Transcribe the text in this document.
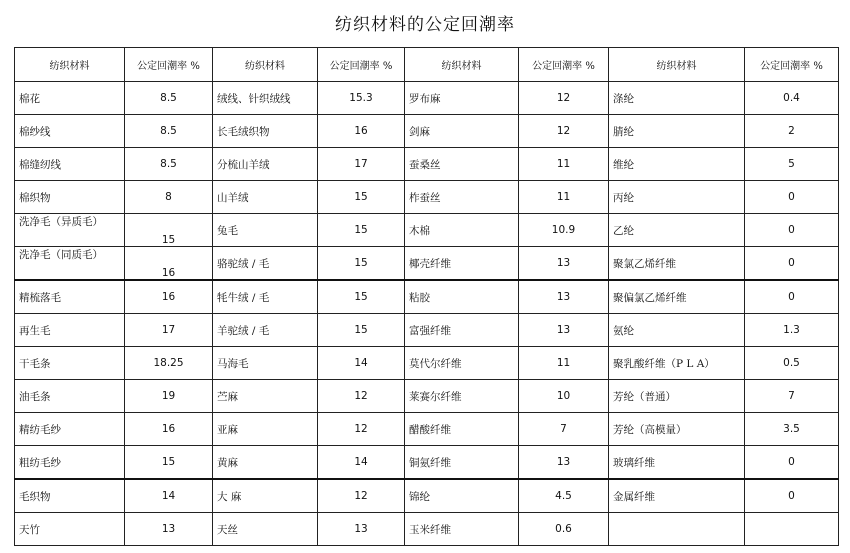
纺织材料的公定回潮率
纺织材料	公定回潮率 %	纺织材料	公定回潮率 %	纺织材料	公定回潮率 %	纺织材料	公定回潮率 %
棉花	8.5	绒线、针织绒线	15.3	罗布麻	12	涤纶	0.4
棉纱线	8.5	长毛绒织物	16	剑麻	12	腈纶	2
棉缝纫线	8.5	分梳山羊绒	17	蚕桑丝	11	维纶	5
棉织物	8	山羊绒	15	柞蚕丝	11	丙纶	0
洗净毛（异质毛）	15	兔毛	15	木棉	10.9	乙纶	0
洗净毛（同质毛）	16	骆驼绒 / 毛	15	椰壳纤维	13	聚氯乙烯纤维	0
精梳落毛	16	牦牛绒 / 毛	15	粘胶	13	聚偏氯乙烯纤维	0
再生毛	17	羊驼绒 / 毛	15	富强纤维	13	氨纶	1.3
干毛条	18.25	马海毛	14	莫代尔纤维	11	聚乳酸纤维（P L A）	0.5
油毛条	19	苎麻	12	莱赛尔纤维	10	芳纶（普通）	7
精纺毛纱	16	亚麻	12	醋酸纤维	7	芳纶（高模量）	3.5
粗纺毛纱	15	黄麻	14	铜氨纤维	13	玻璃纤维	0
毛织物	14	大 麻	12	锦纶	4.5	金属纤维	0
天竹	13	天丝	13	玉米纤维	0.6		
